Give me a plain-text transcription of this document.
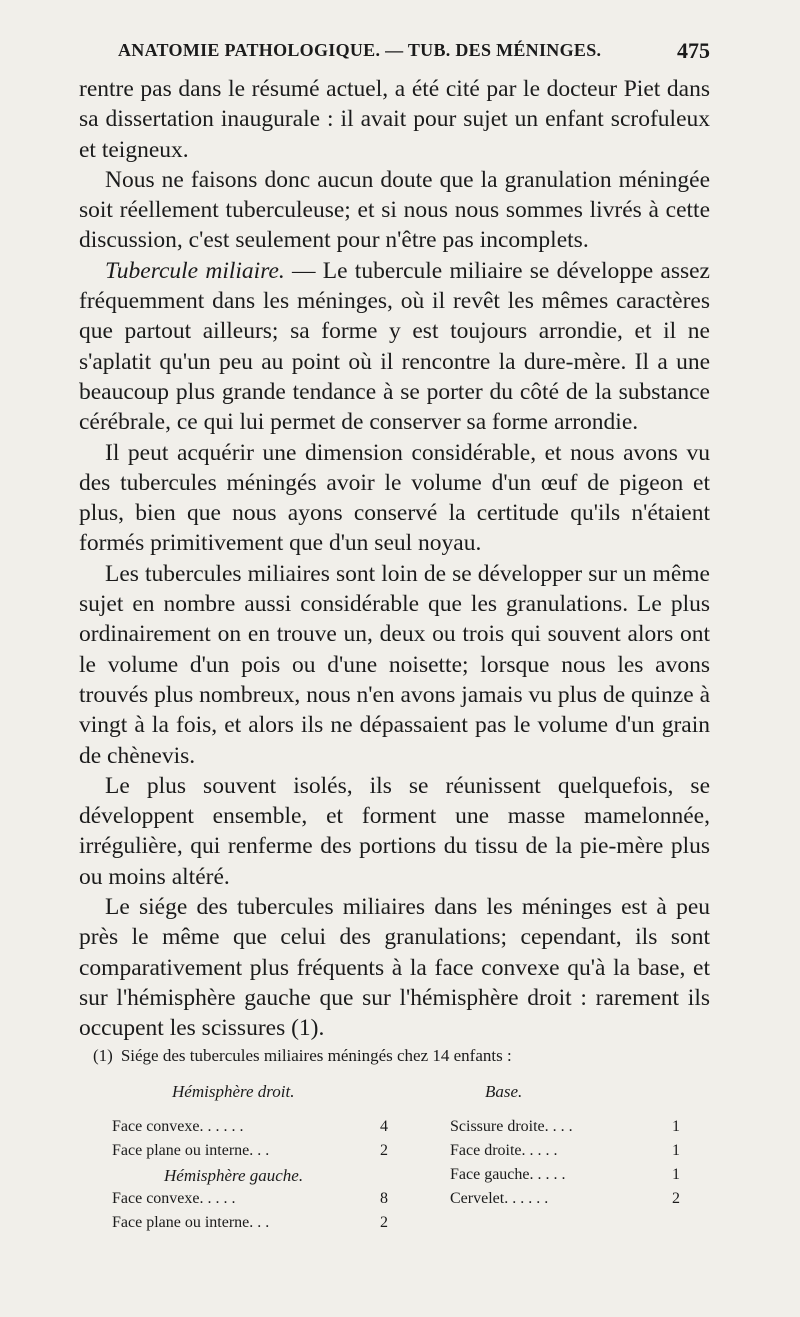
ANATOMIE PATHOLOGIQUE. — TUB. DES MÉNINGES.	475

rentre pas dans le résumé actuel, a été cité par le docteur Piet dans sa dissertation inaugurale : il avait pour sujet un enfant scrofuleux et teigneux.

Nous ne faisons donc aucun doute que la granulation méningée soit réellement tuberculeuse; et si nous nous sommes livrés à cette discussion, c'est seulement pour n'être pas incomplets.

Tubercule miliaire. — Le tubercule miliaire se développe assez fréquemment dans les méninges, où il revêt les mêmes caractères que partout ailleurs; sa forme y est toujours arrondie, et il ne s'aplatit qu'un peu au point où il rencontre la dure-mère. Il a une beaucoup plus grande tendance à se porter du côté de la substance cérébrale, ce qui lui permet de conserver sa forme arrondie.

Il peut acquérir une dimension considérable, et nous avons vu des tubercules méningés avoir le volume d'un œuf de pigeon et plus, bien que nous ayons conservé la certitude qu'ils n'étaient formés primitivement que d'un seul noyau.

Les tubercules miliaires sont loin de se développer sur un même sujet en nombre aussi considérable que les granulations. Le plus ordinairement on en trouve un, deux ou trois qui souvent alors ont le volume d'un pois ou d'une noisette; lorsque nous les avons trouvés plus nombreux, nous n'en avons jamais vu plus de quinze à vingt à la fois, et alors ils ne dépassaient pas le volume d'un grain de chènevis.

Le plus souvent isolés, ils se réunissent quelquefois, se développent ensemble, et forment une masse mamelonnée, irrégulière, qui renferme des portions du tissu de la pie-mère plus ou moins altéré.

Le siége des tubercules miliaires dans les méninges est à peu près le même que celui des granulations; cependant, ils sont comparativement plus fréquents à la face convexe qu'à la base, et sur l'hémisphère gauche que sur l'hémisphère droit : rarement ils occupent les scissures (1).

(1) Siége des tubercules miliaires méningés chez 14 enfants :
Hémisphère droit.	Base.
Face convexe. . . . . .	4
Face plane ou interne. . .	2
Hémisphère gauche.
Face convexe. . . . .	8
Face plane ou interne. . .	2
Scissure droite. . . .	1
Face droite. . . . .	1
Face gauche. . . . .	1
Cervelet. . . . . .	2
